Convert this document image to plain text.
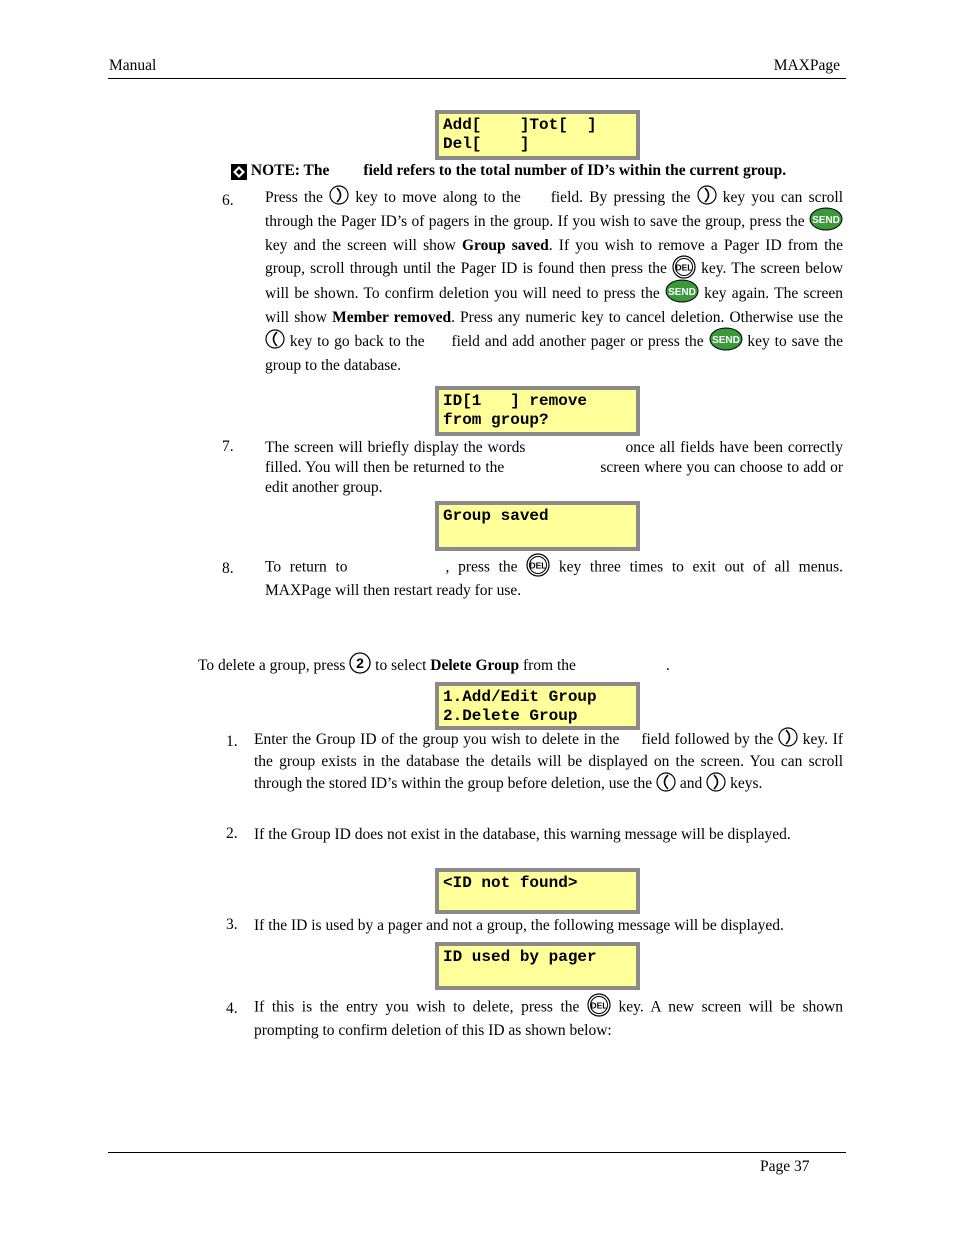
Manual	MAXPage
Add[    ]Tot[  ]
Del[    ]
NOTE: The field refers to the total number of ID’s within the current group.
6. Press the key to move along to the field. By pressing the key you can scroll through the Pager ID’s of pagers in the group. If you wish to save the group, press the SEND
key and the screen will show Group saved. If you wish to remove a Pager ID from the group, scroll through until the Pager ID is found then press the DEL key. The screen below will be shown. To confirm deletion you will need to press the SEND key again. The screen will show Member removed. Press any numeric key to cancel deletion. Otherwise use the
key to go back to the field and add another pager or press the SEND key to save the group to the database.
ID[1   ] remove
from group?
7. The screen will briefly display the words	once all fields have been correctly filled. You will then be returned to the	screen where you can choose to add or edit another group.
Group saved
8. To return to	, press the DEL key three times to exit out of all menus. MAXPage will then restart ready for use.
To delete a group, press 2 to select Delete Group from the	.
1.Add/Edit Group
2.Delete Group
1. Enter the Group ID of the group you wish to delete in the field followed by the key. If the group exists in the database the details will be displayed on the screen. You can scroll through the stored ID’s within the group before deletion, use the and keys.
2. If the Group ID does not exist in the database, this warning message will be displayed.
<ID not found>
3. If the ID is used by a pager and not a group, the following message will be displayed.
ID used by pager
4. If this is the entry you wish to delete, press the DEL key. A new screen will be shown prompting to confirm deletion of this ID as shown below:
Page 37
